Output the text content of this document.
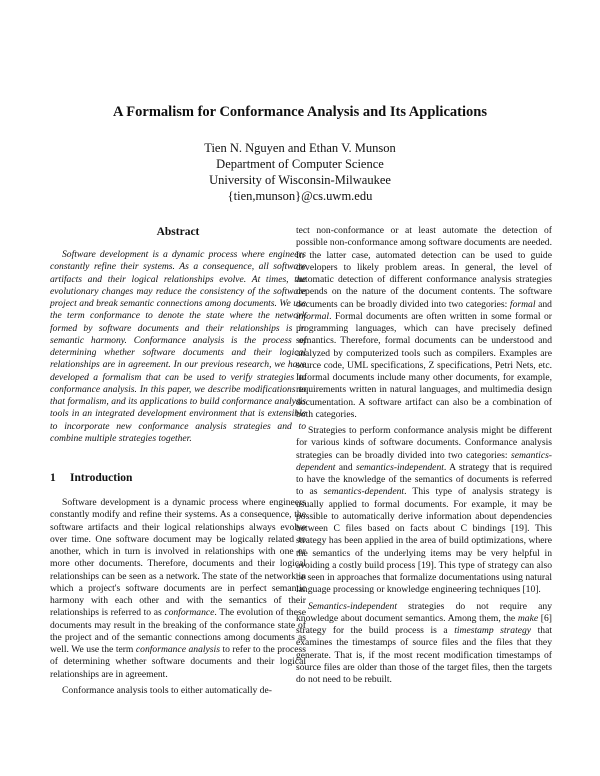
A Formalism for Conformance Analysis and Its Applications
Tien N. Nguyen and Ethan V. Munson
Department of Computer Science
University of Wisconsin-Milwaukee
{tien,munson}@cs.uwm.edu
Abstract

Software development is a dynamic process where engineers constantly refine their systems. As a consequence, all software artifacts and their logical relationships evolve. At times, the evolutionary changes may reduce the consistency of the software project and break semantic connections among documents. We use the term conformance to denote the state where the network formed by software documents and their relationships is in semantic harmony. Conformance analysis is the process of determining whether software documents and their logical relationships are in agreement. In our previous research, we have developed a formalism that can be used to verify strategies to conformance analysis. In this paper, we describe modifications to that formalism, and its applications to build conformance analysis tools in an integrated development environment that is extensible to incorporate new conformance analysis strategies and to combine multiple strategies together.

1	Introduction

Software development is a dynamic process where engineers constantly modify and refine their systems. As a consequence, the software artifacts and their logical relationships always evolve over time. One software document may be logically related to another, which in turn is involved in relationships with one or more other documents. Therefore, documents and their logical relationships can be seen as a network. The state of the network in which a project's software documents are in perfect semantic harmony with each other and with the semantics of their relationships is referred to as conformance. The evolution of these documents may result in the breaking of the conformance state of the project and of the semantic connections among documents as well. We use the term conformance analysis to refer to the process of determining whether software documents and their logical relationships are in agreement.

Conformance analysis tools to either automatically de-

tect non-conformance or at least automate the detection of possible non-conformance among software documents are needed. In the latter case, automated detection can be used to guide developers to likely problem areas. In general, the level of automatic detection of different conformance analysis strategies depends on the nature of the document contents. The software documents can be broadly divided into two categories: formal and informal. Formal documents are often written in some formal or programming languages, which can have precisely defined semantics. Therefore, formal documents can be understood and analyzed by computerized tools such as compilers. Examples are source code, UML specifications, Z specifications, Petri Nets, etc. Informal documents include many other documents, for example, requirements written in natural languages, and multimedia design documentation. A software artifact can also be a combination of both categories.

Strategies to perform conformance analysis might be different for various kinds of software documents. Conformance analysis strategies can be broadly divided into two categories: semantics-dependent and semantics-independent. A strategy that is required to have the knowledge of the semantics of documents is referred to as semantics-dependent. This type of analysis strategy is usually applied to formal documents. For example, it may be possible to automatically derive information about dependencies between C files based on facts about C bindings [19]. This strategy has been applied in the area of build optimizations, where the semantics of the underlying items may be very helpful in avoiding a costly build process [19]. This type of strategy can also be seen in approaches that formalize documentations using natural language processing or knowledge engineering techniques [10].

Semantics-independent strategies do not require any knowledge about document semantics. Among them, the make [6] strategy for the build process is a timestamp strategy that examines the timestamps of source files and the files that they generate. That is, if the most recent modification timestamps of source files are older than those of the target files, then the targets do not need to be rebuilt.
